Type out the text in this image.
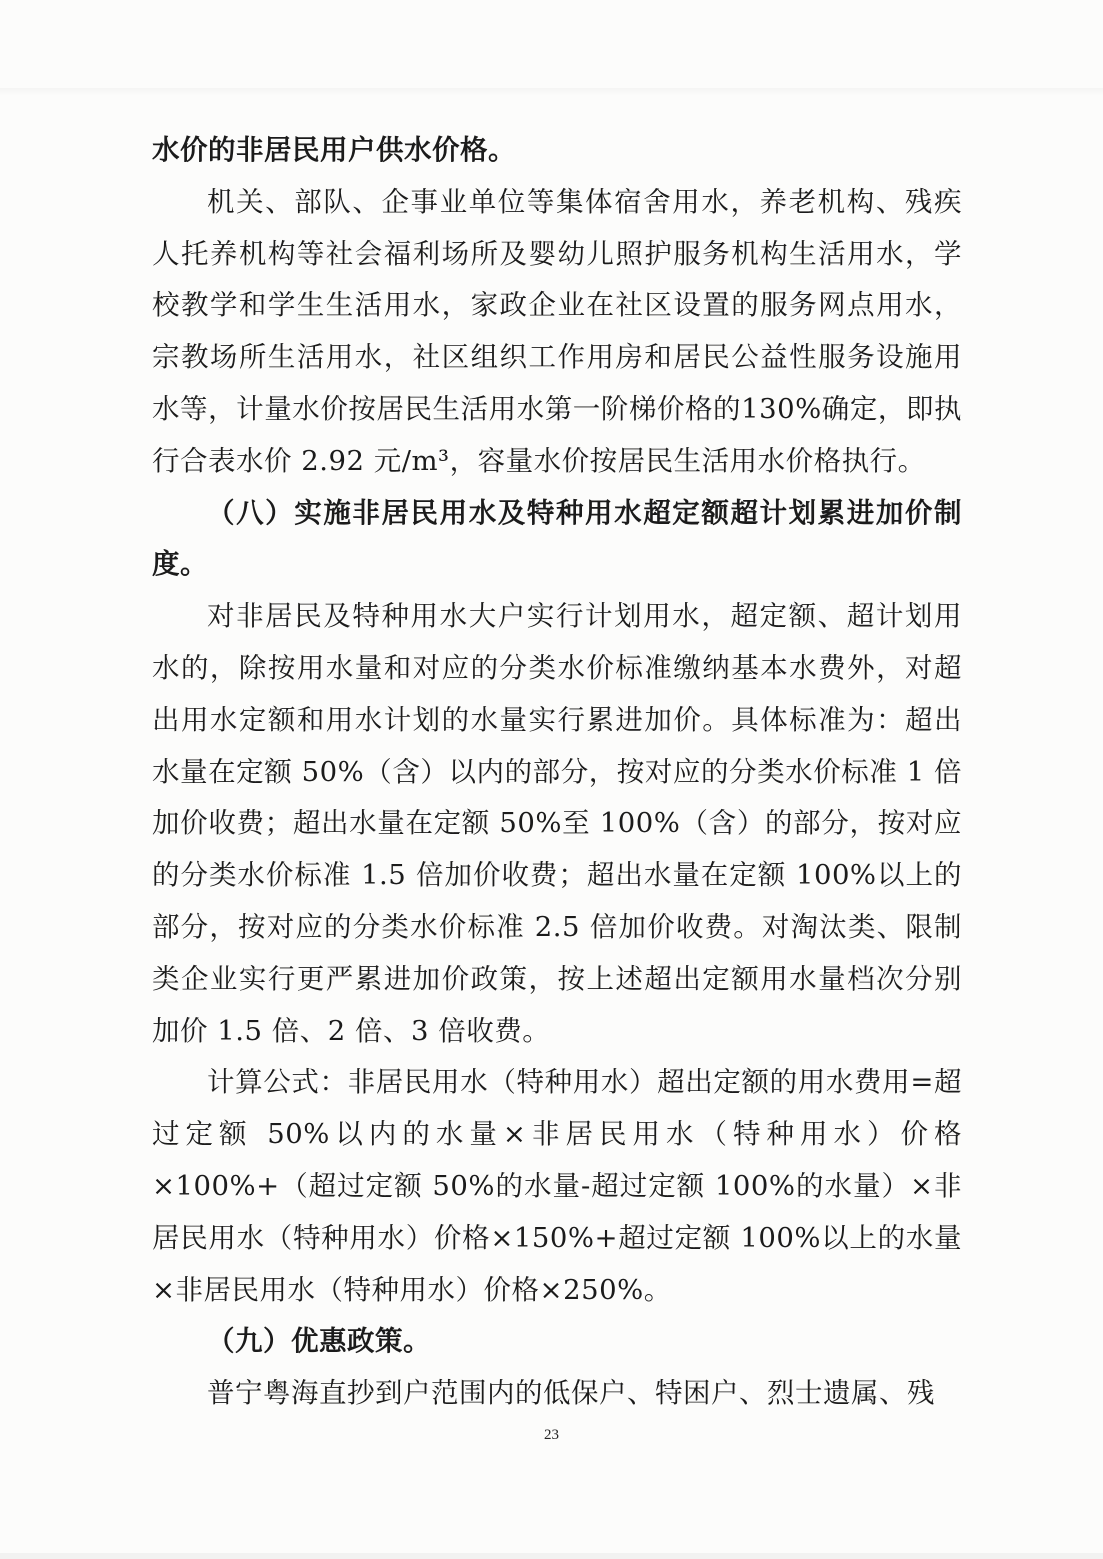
水价的非居民用户供水价格。

机关、部队、企事业单位等集体宿舍用水，养老机构、残疾人托养机构等社会福利场所及婴幼儿照护服务机构生活用水，学校教学和学生生活用水，家政企业在社区设置的服务网点用水，宗教场所生活用水，社区组织工作用房和居民公益性服务设施用水等，计量水价按居民生活用水第一阶梯价格的130%确定，即执行合表水价 2.92 元/m³，容量水价按居民生活用水价格执行。

（八）实施非居民用水及特种用水超定额超计划累进加价制度。

对非居民及特种用水大户实行计划用水，超定额、超计划用水的，除按用水量和对应的分类水价标准缴纳基本水费外，对超出用水定额和用水计划的水量实行累进加价。具体标准为：超出水量在定额 50%（含）以内的部分，按对应的分类水价标准 1 倍加价收费；超出水量在定额 50%至 100%（含）的部分，按对应的分类水价标准 1.5 倍加价收费；超出水量在定额 100%以上的部分，按对应的分类水价标准 2.5 倍加价收费。对淘汰类、限制类企业实行更严累进加价政策，按上述超出定额用水量档次分别加价 1.5 倍、2 倍、3 倍收费。

计算公式：非居民用水（特种用水）超出定额的用水费用=超过定额 50%以内的水量×非居民用水（特种用水）价格×100%+（超过定额 50%的水量-超过定额 100%的水量）×非居民用水（特种用水）价格×150%+超过定额 100%以上的水量×非居民用水（特种用水）价格×250%。

（九）优惠政策。

普宁粤海直抄到户范围内的低保户、特困户、烈士遗属、残

23
